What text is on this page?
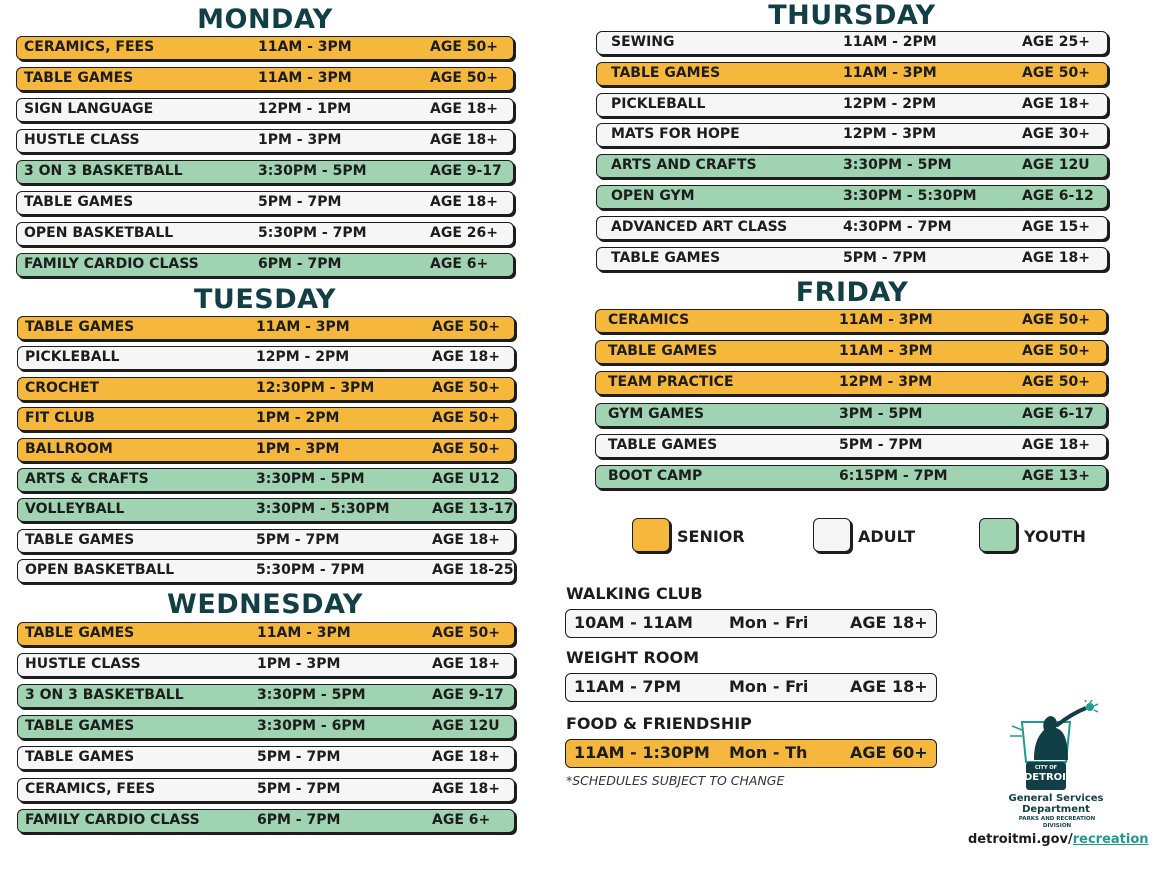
MONDAY
TUESDAY
WEDNESDAY
THURSDAY
FRIDAY
SENIOR	ADULT	YOUTH
WALKING CLUB
10AM - 11AM Mon - Fri	AGE 18+
WEIGHT ROOM
11AM - 7PM	Mon - Fri	AGE 18+
FOOD & FRIENDSHIP
11AM - 1:30PM Mon - Th	AGE 60+
*SCHEDULES SUBJECT TO CHANGE
CITY OF
DETROIT
General Services Department
PARKS AND RECREATION DIVISION
detroitmi.gov/recreation
CERAMICS, FEES	11AM - 3PM	AGE 50+
TABLE GAMES	11AM - 3PM	AGE 50+
SIGN LANGUAGE	12PM - 1PM	AGE 18+
HUSTLE CLASS	1PM - 3PM	AGE 18+
3 ON 3 BASKETBALL	3:30PM - 5PM	AGE 9-17
TABLE GAMES	5PM - 7PM	AGE 18+
OPEN BASKETBALL	5:30PM - 7PM	AGE 26+
FAMILY CARDIO CLASS	6PM - 7PM	AGE 6+
TABLE GAMES	11AM - 3PM	AGE 50+
PICKLEBALL	12PM - 2PM	AGE 18+
CROCHET	12:30PM - 3PM	AGE 50+
FIT CLUB	1PM - 2PM	AGE 50+
BALLROOM	1PM - 3PM	AGE 50+
ARTS & CRAFTS	3:30PM - 5PM	AGE U12
VOLLEYBALL	3:30PM - 5:30PM	AGE 13-17
TABLE GAMES	5PM - 7PM	AGE 18+
OPEN BASKETBALL	5:30PM - 7PM	AGE 18-25
TABLE GAMES	11AM - 3PM	AGE 50+
HUSTLE CLASS	1PM - 3PM	AGE 18+
3 ON 3 BASKETBALL	3:30PM - 5PM	AGE 9-17
TABLE GAMES	3:30PM - 6PM	AGE 12U
TABLE GAMES	5PM - 7PM	AGE 18+
CERAMICS, FEES	5PM - 7PM	AGE 18+
FAMILY CARDIO CLASS	6PM - 7PM	AGE 6+
SEWING	11AM - 2PM	AGE 25+
TABLE GAMES	11AM - 3PM	AGE 50+
PICKLEBALL	12PM - 2PM	AGE 18+
MATS FOR HOPE	12PM - 3PM	AGE 30+
ARTS AND CRAFTS	3:30PM - 5PM	AGE 12U
OPEN GYM	3:30PM - 5:30PM	AGE 6-12
ADVANCED ART CLASS	4:30PM - 7PM	AGE 15+
TABLE GAMES	5PM - 7PM	AGE 18+
CERAMICS	11AM - 3PM	AGE 50+
TABLE GAMES	11AM - 3PM	AGE 50+
TEAM PRACTICE	12PM - 3PM	AGE 50+
GYM GAMES	3PM - 5PM	AGE 6-17
TABLE GAMES	5PM - 7PM	AGE 18+
BOOT CAMP	6:15PM - 7PM	AGE 13+
